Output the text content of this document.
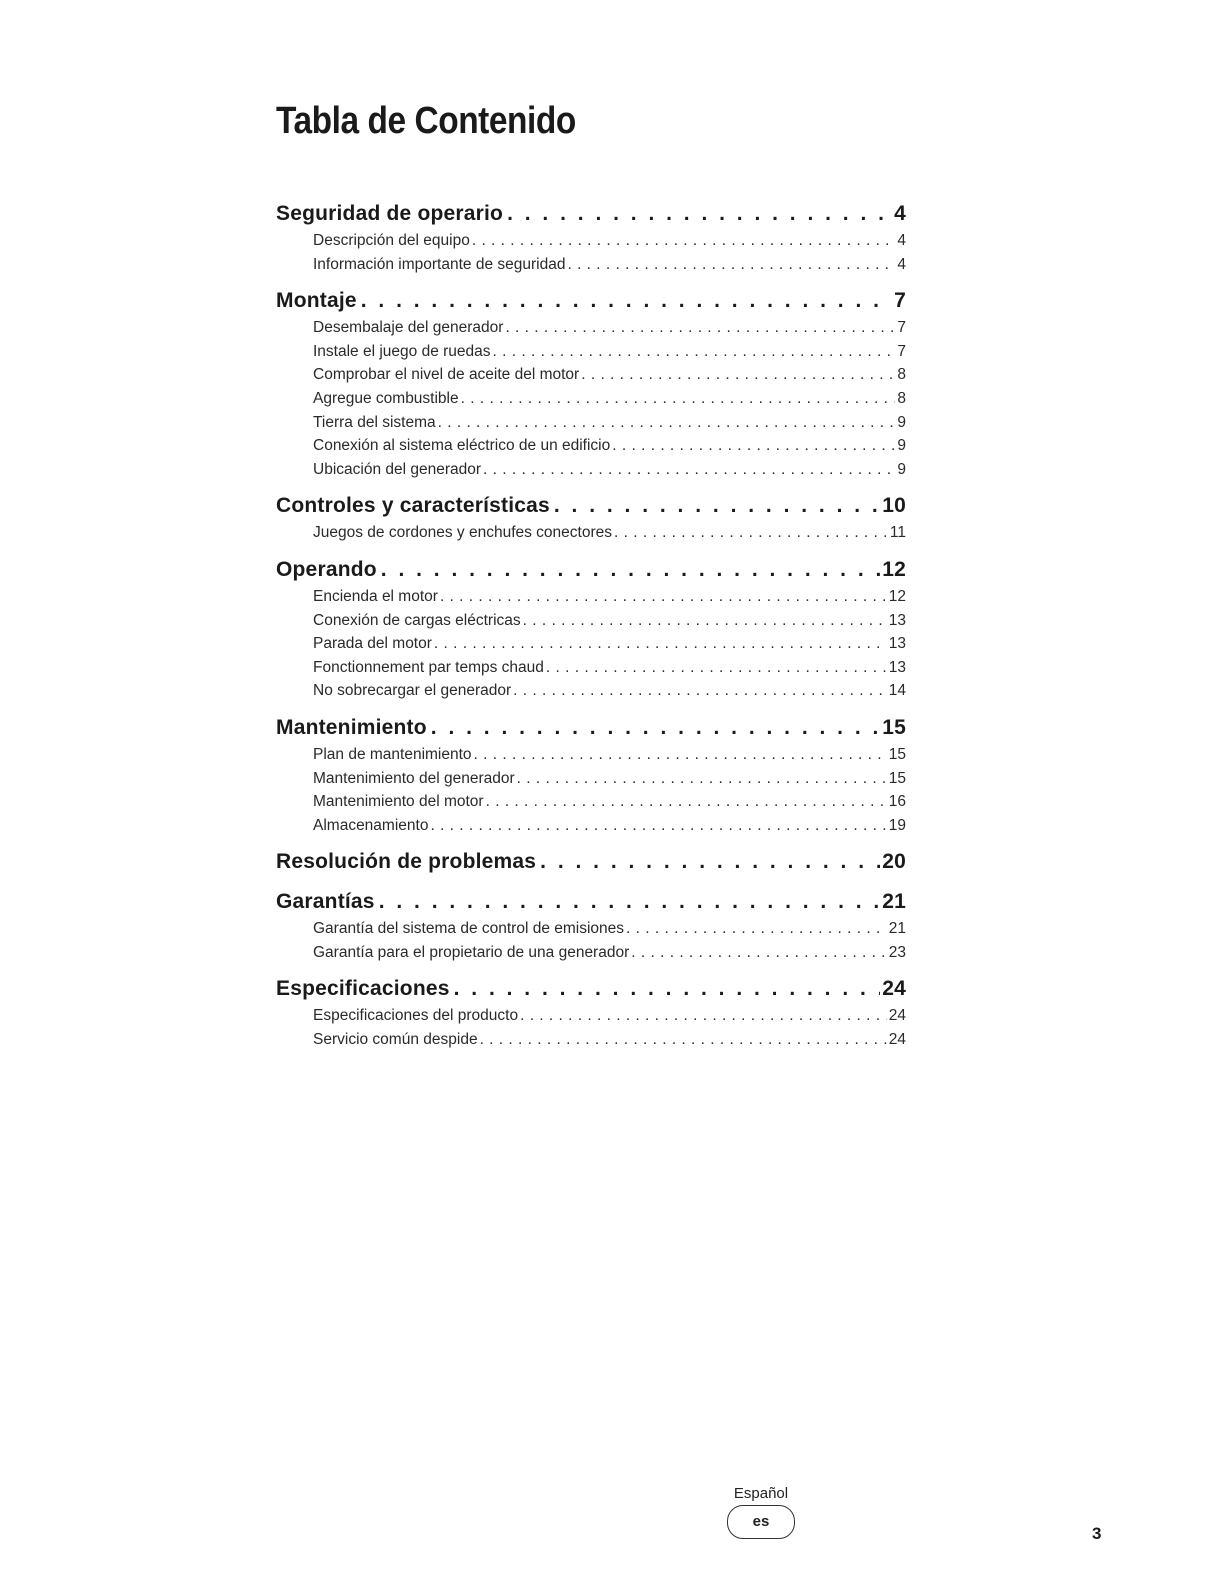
Tabla de Contenido
Seguridad de operario . . .	4
Descripción del equipo . . .	4
Información importante de seguridad . . .	4
Montaje . . .	7
Desembalaje del generador . . .	7
Instale el juego de ruedas . . .	7
Comprobar el nivel de aceite del motor . . .	8
Agregue combustible . . .	8
Tierra del sistema . . .	9
Conexión al sistema eléctrico de un edificio . . .	9
Ubicación del generador . . .	9
Controles y características . . .	10
Juegos de cordones y enchufes conectores . . .	11
Operando . . .	12
Encienda el motor . . .	12
Conexión de cargas eléctricas . . .	13
Parada del motor . . .	13
Fonctionnement par temps chaud . . .	13
No sobrecargar el generador . . .	14
Mantenimiento . . .	15
Plan de mantenimiento . . .	15
Mantenimiento del generador . . .	15
Mantenimiento del motor . . .	16
Almacenamiento . . .	19
Resolución de problemas . . .	20
Garantías . . .	21
Garantía del sistema de control de emisiones . . .	21
Garantía para el propietario de una generador . . .	23
Especificaciones . . .	24
Especificaciones del producto . . .	24
Servicio común despide . . .	24
Español
es
3
